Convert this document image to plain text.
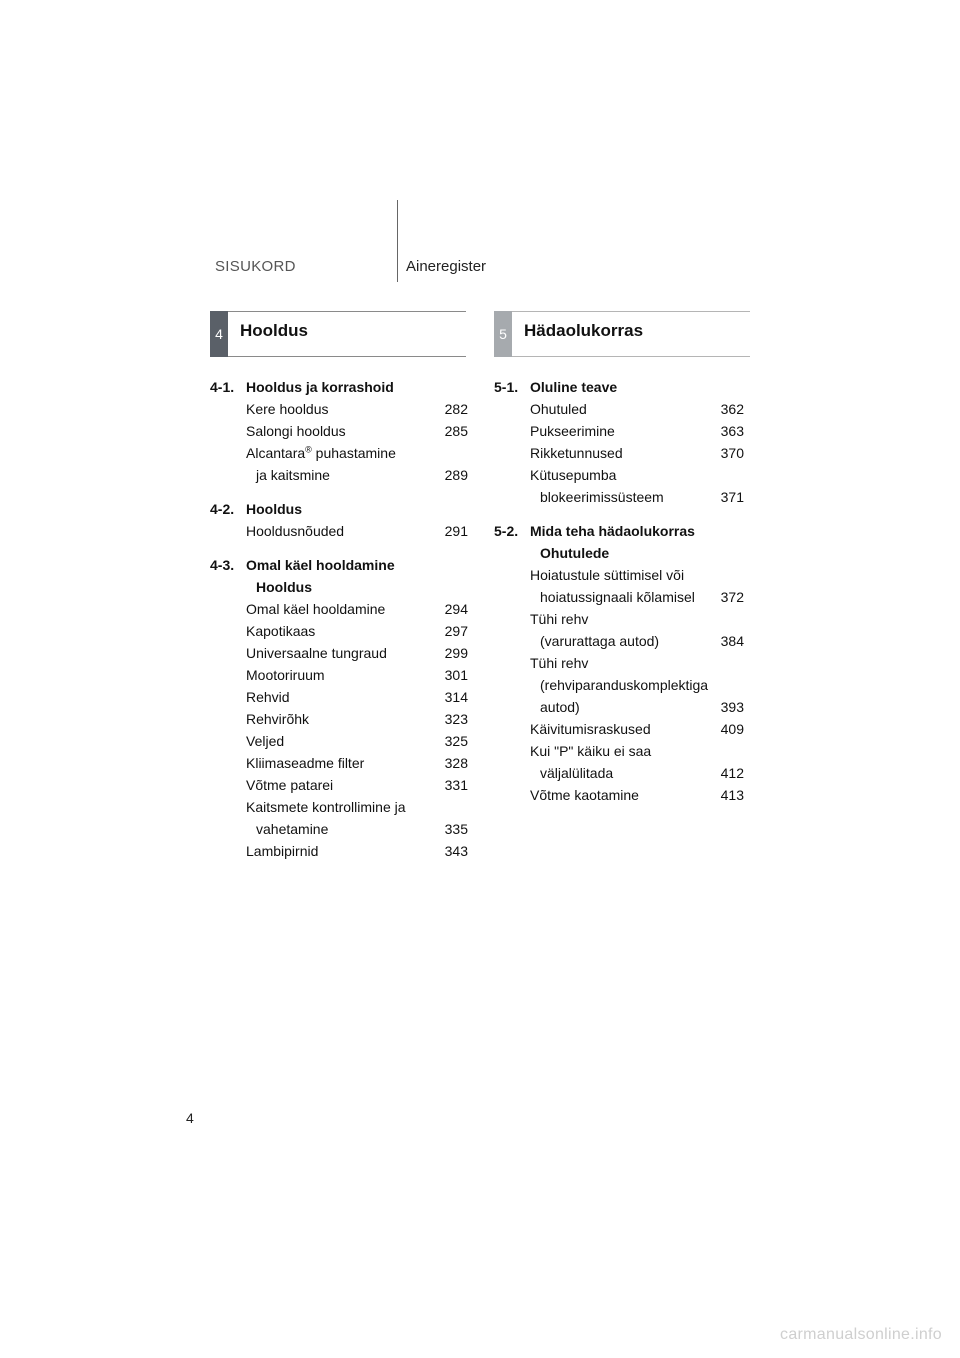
SISUKORD	Aineregister
4	Hooldus	5	Hädaolukorras
4-1. Hooldus ja korrashoid
Kere hooldus	282
Salongi hooldus	285
Alcantara® puhastamine
ja kaitsmine	289
4-2. Hooldus
Hooldusnõuded	291
4-3. Omal käel hooldamine
Hooldus
Omal käel hooldamine	294
Kapotikaas	297
Universaalne tungraud	299
Mootoriruum	301
Rehvid	314
Rehvirõhk	323
Veljed	325
Kliimaseadme filter	328
Võtme patarei	331
Kaitsmete kontrollimine ja
vahetamine	335
Lambipirnid	343
5-1. Oluline teave
Ohutuled	362
Pukseerimine	363
Rikketunnused	370
Kütusepumba
blokeerimissüsteem	371
5-2. Mida teha hädaolukorras
Ohutulede
Hoiatustule süttimisel või
hoiatussignaali kõlamisel	372
Tühi rehv
(varurattaga autod)	384
Tühi rehv
(rehviparanduskomplektiga
autod)	393
Käivitumisraskused	409
Kui "P" käiku ei saa
väljalülitada	412
Võtme kaotamine	413
4
carmanualsonline.info
